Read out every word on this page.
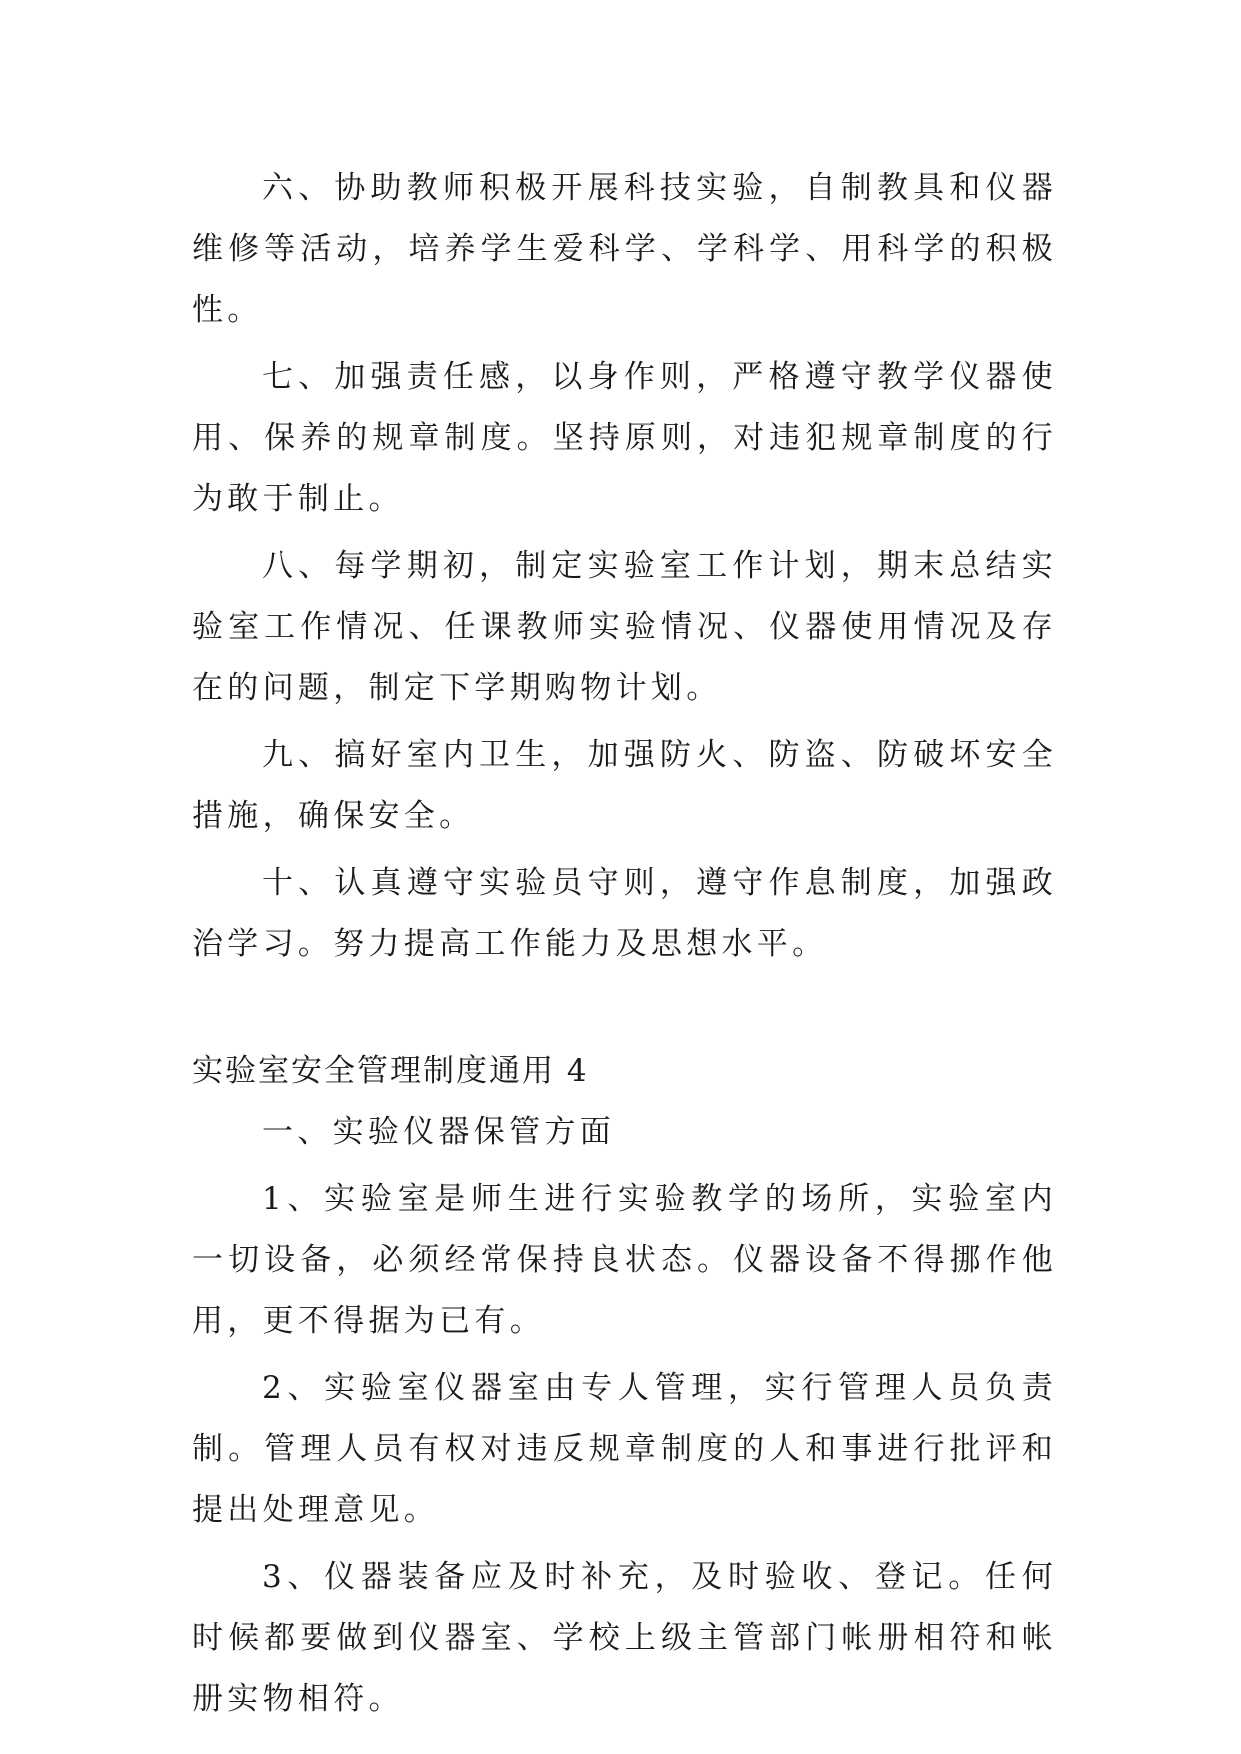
六、协助教师积极开展科技实验，自制教具和仪器维修等活动，培养学生爱科学、学科学、用科学的积极性。

七、加强责任感，以身作则，严格遵守教学仪器使用、保养的规章制度。坚持原则，对违犯规章制度的行为敢于制止。

八、每学期初，制定实验室工作计划，期末总结实验室工作情况、任课教师实验情况、仪器使用情况及存在的问题，制定下学期购物计划。

九、搞好室内卫生，加强防火、防盗、防破坏安全措施，确保安全。

十、认真遵守实验员守则，遵守作息制度，加强政治学习。努力提高工作能力及思想水平。

实验室安全管理制度通用 4

一、实验仪器保管方面

1、实验室是师生进行实验教学的场所，实验室内一切设备，必须经常保持良状态。仪器设备不得挪作他用，更不得据为已有。

2、实验室仪器室由专人管理，实行管理人员负责制。管理人员有权对违反规章制度的人和事进行批评和提出处理意见。

3、仪器装备应及时补充，及时验收、登记。任何时候都要做到仪器室、学校上级主管部门帐册相符和帐册实物相符。
